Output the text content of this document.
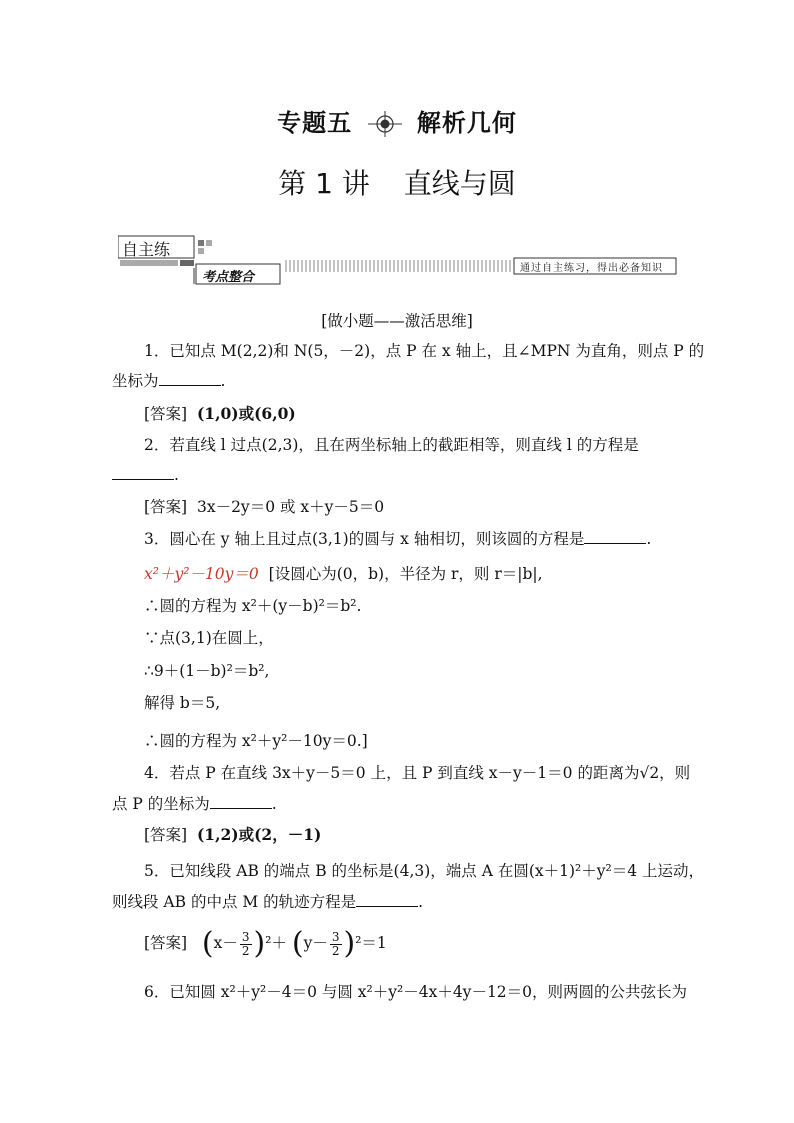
专题五	解析几何
第 1 讲 直线与圆
自主练
考点整合
通过自主练习，得出必备知识
[做小题——激活思维]
1．已知点 M(2,2)和 N(5，－2)，点 P 在 x 轴上，且∠MPN 为直角，则点 P 的
坐标为	.
[答案] (1,0)或(6,0)
2．若直线 l 过点(2,3)，且在两坐标轴上的截距相等，则直线 l 的方程是
.
[答案] 3x－2y＝0 或 x＋y－5＝0
3．圆心在 y 轴上且过点(3,1)的圆与 x 轴相切，则该圆的方程是	.
x²＋y²－10y＝0 [设圆心为(0，b)，半径为 r，则 r＝|b|,
∴圆的方程为 x²＋(y－b)²＝b².
∵点(3,1)在圆上，
∴9＋(1－b)²＝b²,
解得 b＝5,
∴圆的方程为 x²＋y²－10y＝0.]
4．若点 P 在直线 3x＋y－5＝0 上，且 P 到直线 x－y－1＝0 的距离为√2，则
点 P 的坐标为	.
[答案] (1,2)或(2，－1)
5．已知线段 AB 的端点 B 的坐标是(4,3)，端点 A 在圆(x＋1)²＋y²＝4 上运动，
则线段 AB 的中点 M 的轨迹方程是	.
[答案] $(x- \frac{3}{2} )^2+ (y- \frac{3}{2} )^2=1$
6．已知圆 x²＋y²－4＝0 与圆 x²＋y²－4x＋4y－12＝0，则两圆的公共弦长为
